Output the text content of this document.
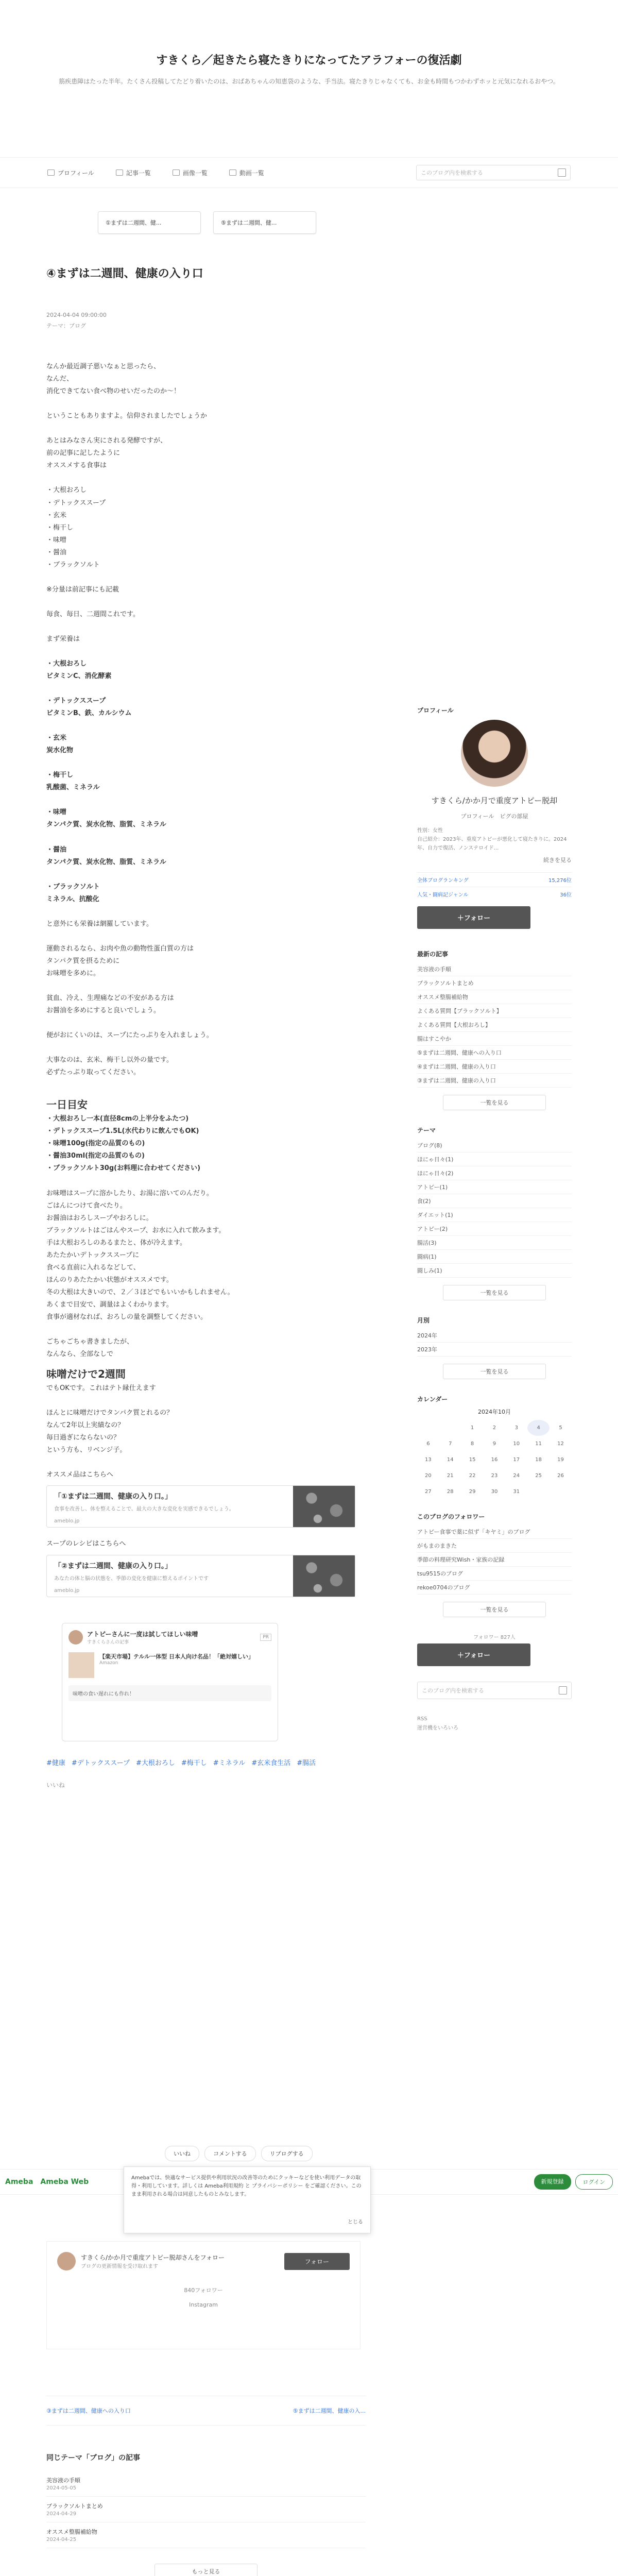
すきくら／起きたら寝たきりになってたアラフォーの復活劇
筋疾患障はたった半年。たくさん投稿してたどり着いたのは、おばあちゃんの知恵袋のような、手当法。寝たきりじゃなくても、お金も時間もつかわずホッと元気になれるおやつ。
プロフィール	記事一覧	画像一覧	動画一覧	このブログ内を検索する
①まずは二週間、健...	⑤まずは二週間、健...
④まずは二週間、健康の入り口
2024-04-04 09:00:00
テーマ：ブログ

なんか最近調子悪いなぁと思ったら、

なんだ、

消化できてない食べ物のせいだったのか〜！

ということもありますよ。信仰されましたでしょうか

あとはみなさん実にされる発酵ですが、

前の記事に記したように

オススメする食事は

・大根おろし

・デトックススープ

・玄米

・梅干し

・味噌

・醤油

・ブラックソルト

※分量は前記事にも記載

毎食、毎日、二週間これです。

まず栄養は

・大根おろし

ビタミンC、消化酵素

・デトックススープ

ビタミンB、鉄、カルシウム

・玄米

炭水化物

・梅干し

乳酸菌、ミネラル

・味噌

タンパク質、炭水化物、脂質、ミネラル

・醤油

タンパク質、炭水化物、脂質、ミネラル

・ブラックソルト

ミネラル、抗酸化

と意外にも栄養は網羅しています。

運動されるなら、お肉や魚の動物性蛋白質の方は

タンパク質を摂るために

お味噌を多めに。

貧血、冷え、生理痛などの不安がある方は

お醤油を多めにすると良いでしょう。

便がおにくいのは、スープにたっぷりを入れましょう。

大事なのは、玄米、梅干し以外の量です。

必ずたっぷり取ってください。

一日目安

・大根おろし一本(直径8cmの上半分をふたつ)

・デトックススープ1.5L(水代わりに飲んでもOK)

・味噌100g(指定の品質のもの)

・醤油30ml(指定の品質のもの)

・ブラックソルト30g(お料理に合わせてください)

お味噌はスープに溶かしたり、お湯に溶いてのんだり。

ごはんにつけて食べたり。

お醤油はおろしスープやおろしに。

ブラックソルトはごはんやスープ、お水に入れて飲みます。

手は大根おろしのあるまたと、体が冷えます。

あたたかいデトックススープに

食べる直前に入れるなどして、

ほんのりあたたかい状態がオススメです。

冬の大根は大きいので、２／３ほどでもいいかもしれません。

あくまで目安で、調量はよくわかります。

食事が適材なれば、おろしの量を調整してください。

ごちゃごちゃ書きましたが、

なんなら、全部なしで

味噌だけで2週間

でもOKです。これはテト縁仕えます

ほんとに味噌だけでタンパク質とれるの？

なんて2年以上実績なの？

毎日過ぎにならないの？

という方も、リベンジ子。

オススメ品はこちらへ

「①まずは二週間、健康の入り口。」
食事を改善し、体を整えることで、最大の大きな変化を実感できるでしょう。
ameblo.jp

スープのレシピはこちらへ

「②まずは二週間、健康の入り口。」
あなたの体と脳の状態を、季節の変化を健康に整えるポイントです
ameblo.jp
アトピーさんに一度は試してほしい味噌
すきくらさんの記事
PR
【楽天市場】テルル一体型 日本人向け名品！「絶対嬉しい」
Amazon
味噌の食い遅れにも作れ！
#健康 #デトックススープ #大根おろし #梅干し #ミネラル #玄米食生活 #腸活
いいね
プロフィール
すきくら/かか月で重度アトピー脱却
プロフィール　ピグの部屋
性別：女性
自己紹介：2023年、重度アトピーが悪化して寝たきりに。2024年、自力で復活、ノンステロイド...
続きを見る
全体ブログランキング	15,276位
人気・闘病記ジャンル	36位
＋フォロー
最新の記事
美容液の手順
ブラックソルトまとめ
オススメ整腸補給物
よくある質問【ブラックソルト】
よくある質問【大根おろし】
腸はすこやか
⑤まずは二週間、健康への入り口
④まずは二週間、健康の入り口
③まずは二週間、健康の入り口
一覧を見る
テーマ
ブログ(8)
ほにゃ日々(1)
ほにゃ日々(2)
アトピー(1)
食(2)
ダイエット(1)
アトピー(2)
腸活(3)
闘病(1)
闘しみ(1)
一覧を見る
月別
2024年
2023年
一覧を見る
カレンダー
2024年10月
		1	2	3	4	5
6	7	8	9	10	11	12
13	14	15	16	17	18	19
20	21	22	23	24	25	26
27	28	29	30	31		
このブログのフォロワー
アトピー食事で薬に似ず「キヤミ」のブログ
がもまのまきた
季節の料理研究Wish・家族の記録
tsu9515のブログ
rekoe0704のブログ
一覧を見る
フォロワー 827人
＋フォロー
このブログ内を検索する
RSS
運営機をいろいろ
いいね	コメントする	リブログする
Ameba Ameba Web	新規登録	ログイン
Amebaでは、快適なサービス提供や利用状況の改善等のためにクッキーなどを使い利用データの取得・利用しています。詳しくは Ameba利用規約 と プライバシーポリシー をご確認ください。このまま利用される場合は同意したものとみなします。
とじる
すきくら/かか月で重度アトピー脱却さんをフォロー
ブログの更新情報を受け取れます
フォロー
840フォロワー
Instagram
③まずは二週間、健康への入り口	⑤まずは二週間、健康の入...
同じテーマ「ブログ」の記事
美容液の手順
2024-05-05
ブラックソルトまとめ
2024-04-29
オススメ整腸補給物
2024-04-25
もっと見る
